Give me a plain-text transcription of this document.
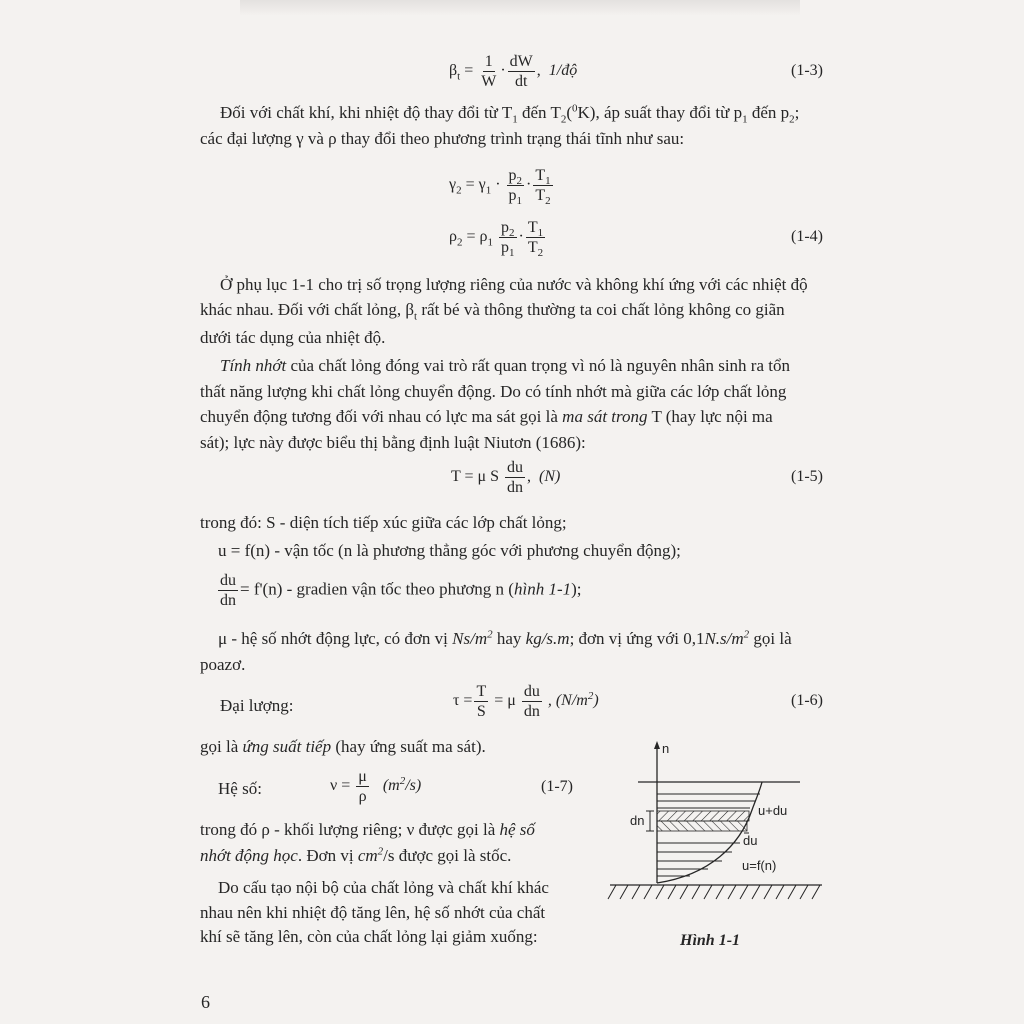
$\beta_t = \frac{1}{W} \cdot \frac{dW}{dt}$ ,  1/độ	(1-3)
Đối với chất khí, khi nhiệt độ thay đổi từ $T_1$ đến $T_2(^0K)$, áp suất thay đổi từ $p_1$ đến $p_2$;
các đại lượng γ và ρ thay đổi theo phương trình trạng thái tĩnh như sau:
$\gamma_2 = \gamma_1 \cdot \frac{p_2}{p_1} \cdot \frac{T_1}{T_2}$
$\rho_2 = \rho_1 \frac{p_2}{p_1} \cdot \frac{T_1}{T_2}$	(1-4)
Ở phụ lục 1-1 cho trị số trọng lượng riêng của nước và không khí ứng với các nhiệt độ
khác nhau. Đối với chất lỏng, $\beta_t$ rất bé và thông thường ta coi chất lỏng không co giãn
dưới tác dụng của nhiệt độ.
Tính nhớt của chất lỏng đóng vai trò rất quan trọng vì nó là nguyên nhân sinh ra tổn
thất năng lượng khi chất lỏng chuyển động. Do có tính nhớt mà giữa các lớp chất lỏng
chuyển động tương đối với nhau có lực ma sát gọi là ma sát trong T (hay lực nội ma
sát); lực này được biểu thị bằng định luật Niutơn (1686):
T = μ S $\frac{du}{dn}$ ,  (N)	(1-5)
trong đó: S - diện tích tiếp xúc giữa các lớp chất lỏng;
u = f(n) - vận tốc (n là phương thẳng góc với phương chuyển động);
$\frac{du}{dn} = f'(n)$ - gradien vận tốc theo phương n (hình 1-1);
μ - hệ số nhớt động lực, có đơn vị $Ns/m^2$ hay kg/s.m; đơn vị ứng với $0,1N.s/m^2$ gọi là
poazơ.
Đại lượng:	$\tau = \frac{T}{S} = \mu \frac{du}{dn}$ , $(N/m^2)$	(1-6)
gọi là ứng suất tiếp (hay ứng suất ma sát).
Hệ số:	$\nu = \frac{\mu}{\rho} (m^2/s)$	(1-7)
trong đó ρ - khối lượng riêng; ν được gọi là hệ số
nhớt động học. Đơn vị $cm^2/s$ được gọi là stốc.
Do cấu tạo nội bộ của chất lỏng và chất khí khác
nhau nên khi nhiệt độ tăng lên, hệ số nhớt của chất
khí sẽ tăng lên, còn của chất lỏng lại giảm xuống:
n
dn
u+du
du
u=f(n)
Hình 1-1
6
